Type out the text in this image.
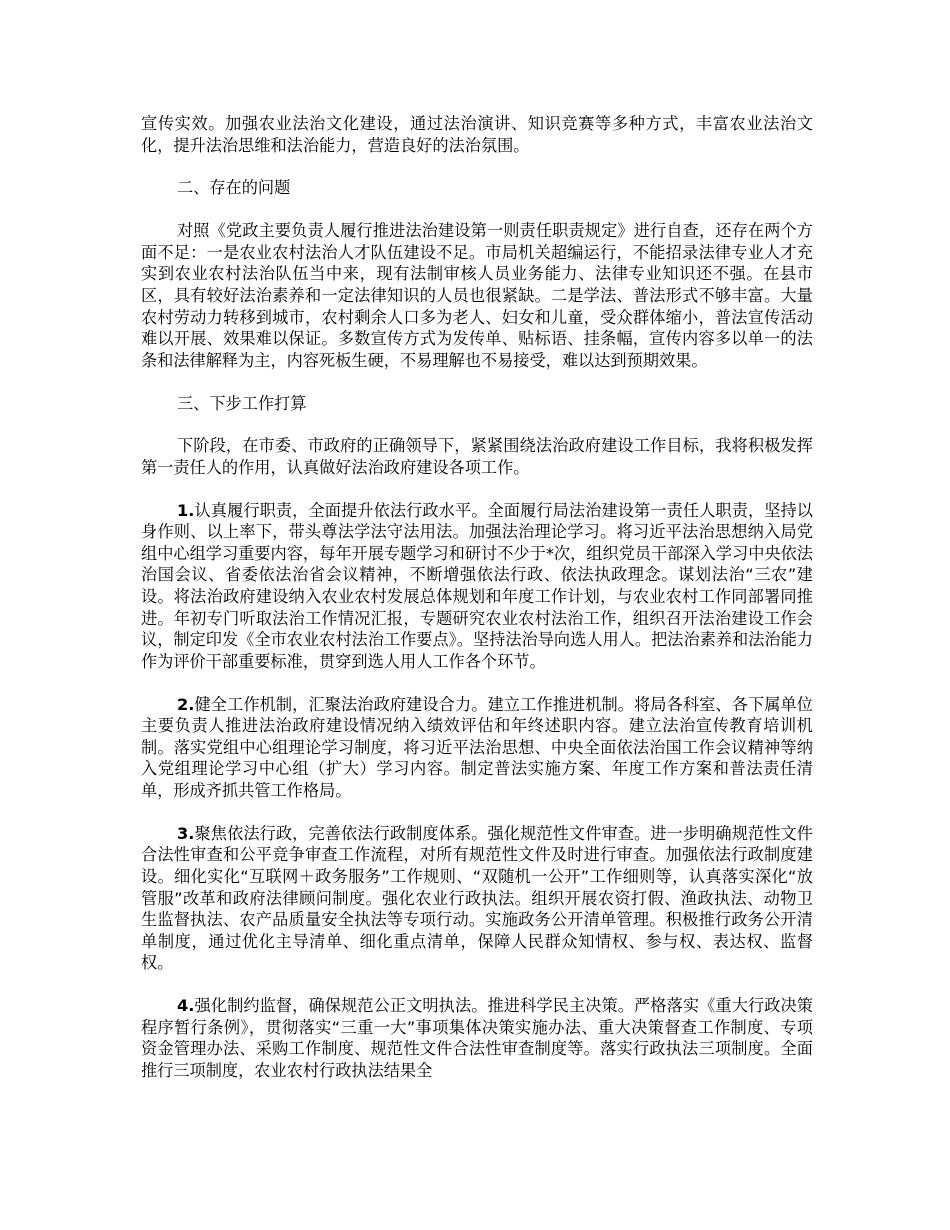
宣传实效。加强农业法治文化建设，通过法治演讲、知识竞赛等多种方式，丰富农业法治文化，提升法治思维和法治能力，营造良好的法治氛围。

二、存在的问题

对照《党政主要负责人履行推进法治建设第一则责任职责规定》进行自查，还存在两个方面不足：一是农业农村法治人才队伍建设不足。市局机关超编运行，不能招录法律专业人才充实到农业农村法治队伍当中来，现有法制审核人员业务能力、法律专业知识还不强。在县市区，具有较好法治素养和一定法律知识的人员也很紧缺。二是学法、普法形式不够丰富。大量农村劳动力转移到城市，农村剩余人口多为老人、妇女和儿童，受众群体缩小，普法宣传活动难以开展、效果难以保证。多数宣传方式为发传单、贴标语、挂条幅，宣传内容多以单一的法条和法律解释为主，内容死板生硬，不易理解也不易接受，难以达到预期效果。

三、下步工作打算

下阶段，在市委、市政府的正确领导下，紧紧围绕法治政府建设工作目标，我将积极发挥第一责任人的作用，认真做好法治政府建设各项工作。

1.认真履行职责，全面提升依法行政水平。全面履行局法治建设第一责任人职责，坚持以身作则、以上率下，带头尊法学法守法用法。加强法治理论学习。将习近平法治思想纳入局党组中心组学习重要内容，每年开展专题学习和研讨不少于*次，组织党员干部深入学习中央依法治国会议、省委依法治省会议精神，不断增强依法行政、依法执政理念。谋划法治“三农”建设。将法治政府建设纳入农业农村发展总体规划和年度工作计划，与农业农村工作同部署同推进。年初专门听取法治工作情况汇报，专题研究农业农村法治工作，组织召开法治建设工作会议，制定印发《全市农业农村法治工作要点》。坚持法治导向选人用人。把法治素养和法治能力作为评价干部重要标准，贯穿到选人用人工作各个环节。

2.健全工作机制，汇聚法治政府建设合力。建立工作推进机制。将局各科室、各下属单位主要负责人推进法治政府建设情况纳入绩效评估和年终述职内容。建立法治宣传教育培训机制。落实党组中心组理论学习制度，将习近平法治思想、中央全面依法治国工作会议精神等纳入党组理论学习中心组（扩大）学习内容。制定普法实施方案、年度工作方案和普法责任清单，形成齐抓共管工作格局。

3.聚焦依法行政，完善依法行政制度体系。强化规范性文件审查。进一步明确规范性文件合法性审查和公平竞争审查工作流程，对所有规范性文件及时进行审查。加强依法行政制度建设。细化实化“互联网＋政务服务”工作规则、“双随机一公开”工作细则等，认真落实深化“放管服”改革和政府法律顾问制度。强化农业行政执法。组织开展农资打假、渔政执法、动物卫生监督执法、农产品质量安全执法等专项行动。实施政务公开清单管理。积极推行政务公开清单制度，通过优化主导清单、细化重点清单，保障人民群众知情权、参与权、表达权、监督权。

4.强化制约监督，确保规范公正文明执法。推进科学民主决策。严格落实《重大行政决策程序暂行条例》，贯彻落实“三重一大”事项集体决策实施办法、重大决策督查工作制度、专项资金管理办法、采购工作制度、规范性文件合法性审查制度等。落实行政执法三项制度。全面推行三项制度，农业农村行政执法结果全
